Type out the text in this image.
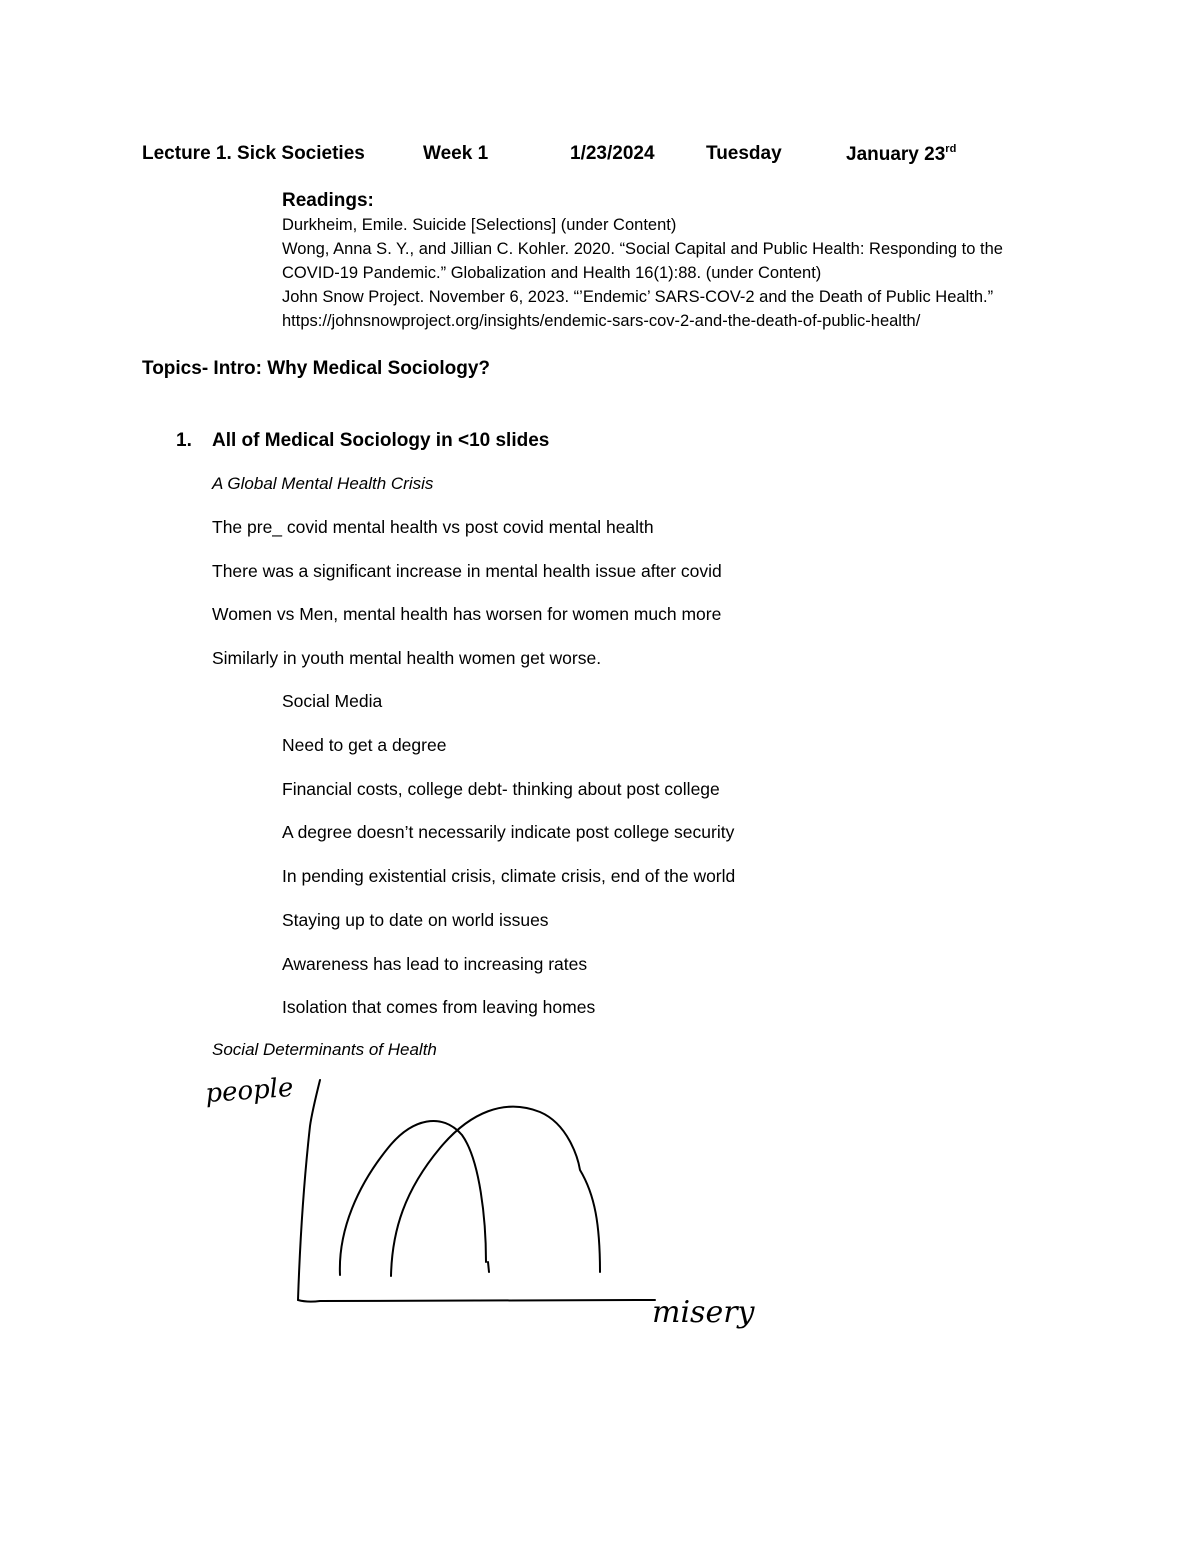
Lecture 1. Sick Societies	Week 1	1/23/2024	Tuesday	January 23rd
Readings:
Durkheim, Emile. Suicide [Selections] (under Content)
Wong, Anna S. Y., and Jillian C. Kohler. 2020. “Social Capital and Public Health: Responding to the
COVID-19 Pandemic.” Globalization and Health 16(1):88. (under Content)
John Snow Project. November 6, 2023. “’Endemic’ SARS-COV-2 and the Death of Public Health.”
https://johnsnowproject.org/insights/endemic-sars-cov-2-and-the-death-of-public-health/
Topics- Intro: Why Medical Sociology?
1. All of Medical Sociology in <10 slides
A Global Mental Health Crisis
The pre_ covid mental health vs post covid mental health
There was a significant increase in mental health issue after covid
Women vs Men, mental health has worsen for women much more
Similarly in youth mental health women get worse.
Social Media
Need to get a degree
Financial costs, college debt- thinking about post college
A degree doesn’t necessarily indicate post college security
In pending existential crisis, climate crisis, end of the world
Staying up to date on world issues
Awareness has lead to increasing rates
Isolation that comes from leaving homes
Social Determinants of Health
people
misery
